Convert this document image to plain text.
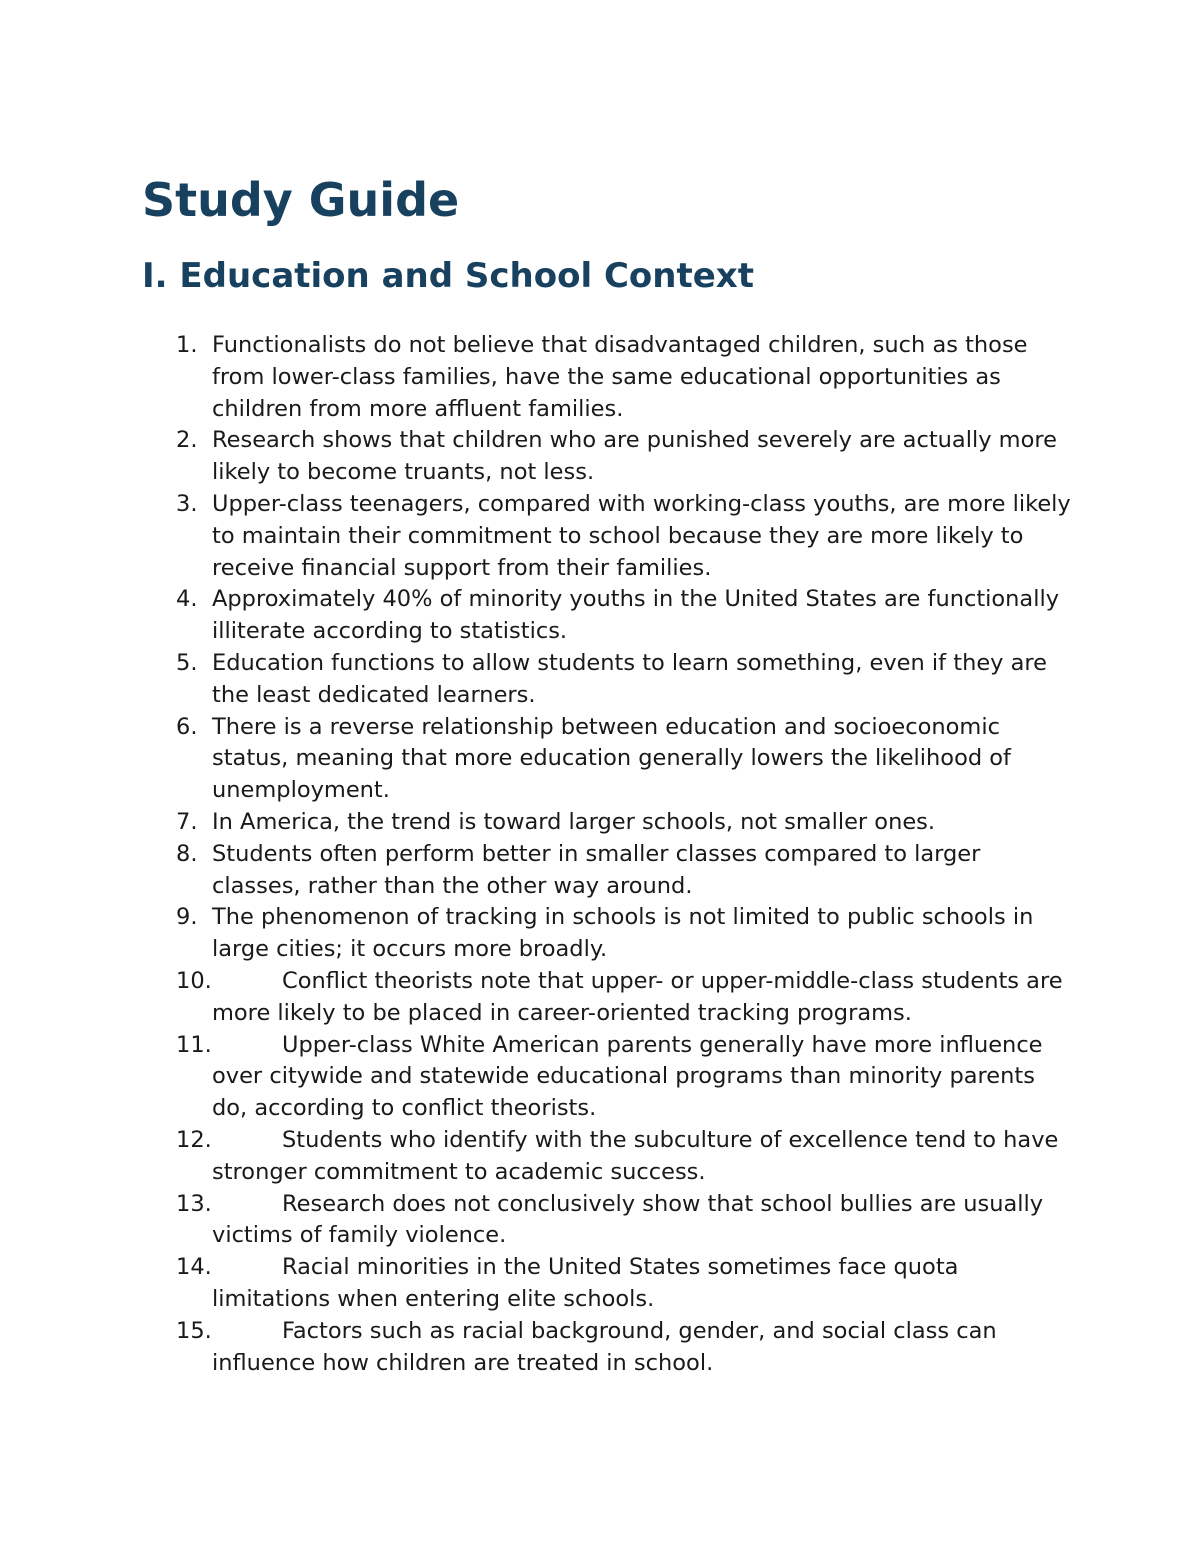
Study Guide
I. Education and School Context
1. Functionalists do not believe that disadvantaged children, such as those from lower-class families, have the same educational opportunities as children from more affluent families.
2. Research shows that children who are punished severely are actually more likely to become truants, not less.
3. Upper-class teenagers, compared with working-class youths, are more likely to maintain their commitment to school because they are more likely to receive financial support from their families.
4. Approximately 40% of minority youths in the United States are functionally illiterate according to statistics.
5. Education functions to allow students to learn something, even if they are the least dedicated learners.
6. There is a reverse relationship between education and socioeconomic status, meaning that more education generally lowers the likelihood of unemployment.
7. In America, the trend is toward larger schools, not smaller ones.
8. Students often perform better in smaller classes compared to larger classes, rather than the other way around.
9. The phenomenon of tracking in schools is not limited to public schools in large cities; it occurs more broadly.
10.	Conflict theorists note that upper- or upper-middle-class students are more likely to be placed in career-oriented tracking programs.
11.	Upper-class White American parents generally have more influence over citywide and statewide educational programs than minority parents do, according to conflict theorists.
12.	Students who identify with the subculture of excellence tend to have stronger commitment to academic success.
13.	Research does not conclusively show that school bullies are usually victims of family violence.
14.	Racial minorities in the United States sometimes face quota limitations when entering elite schools.
15.	Factors such as racial background, gender, and social class can influence how children are treated in school.
